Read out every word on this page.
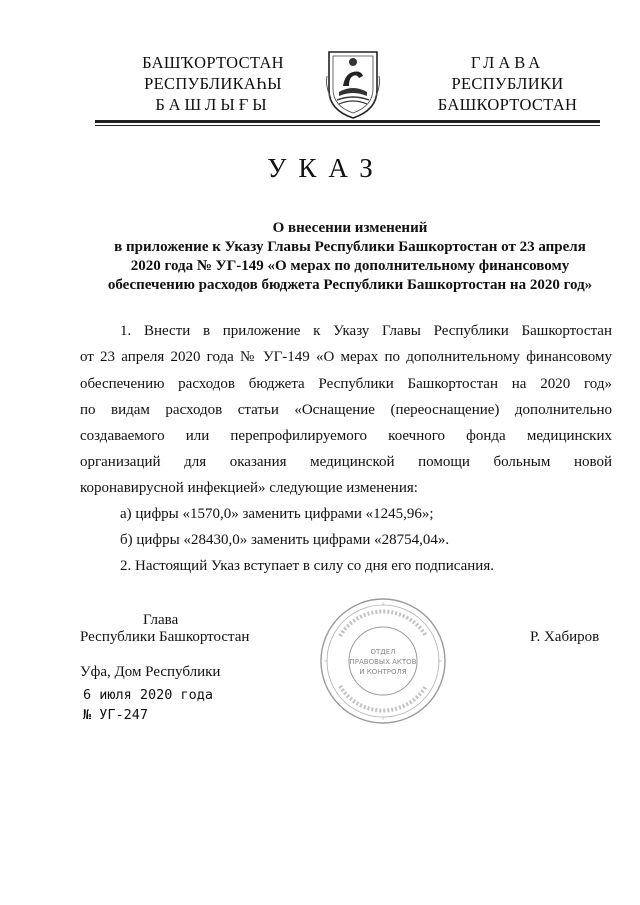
БАШҠОРТОСТАН
РЕСПУБЛИКАҺЫ
БАШЛЫҒЫ
ГЛАВА
РЕСПУБЛИКИ
БАШКОРТОСТАН
УКАЗ
О внесении изменений
в приложение к Указу Главы Республики Башкортостан от 23 апреля
2020 года № УГ-149 «О мерах по дополнительному финансовому
обеспечению расходов бюджета Республики Башкортостан на 2020 год»
1. Внести в приложение к Указу Главы Республики Башкортостан
от 23 апреля 2020 года № УГ-149 «О мерах по дополнительному финансовому
обеспечению расходов бюджета Республики Башкортостан на 2020 год»
по видам расходов статьи «Оснащение (переоснащение) дополнительно
создаваемого или перепрофилируемого коечного фонда медицинских
организаций для оказания медицинской помощи больным новой
коронавирусной инфекцией» следующие изменения:
а) цифры «1570,0» заменить цифрами «1245,96»;
б) цифры «28430,0» заменить цифрами «28754,04».
2. Настоящий Указ вступает в силу со дня его подписания.
Глава
Республики Башкортостан	Р. Хабиров
ОТДЕЛ
ПРАВОВЫХ АКТОВ
И КОНТРОЛЯ
Уфа, Дом Республики
6 июля 2020 года
№ УГ-247
